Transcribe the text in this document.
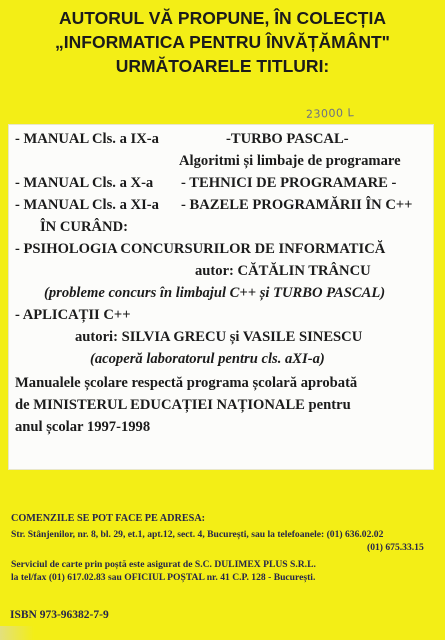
AUTORUL VĂ PROPUNE, ÎN COLECȚIA
„INFORMATICA PENTRU ÎNVĂȚĂMÂNT"
URMĂTOARELE TITLURI:
23000 L
- MANUAL Cls. a IX-a	-TURBO PASCAL-
Algoritmi și limbaje de programare
- MANUAL Cls. a X-a - TEHNICI DE PROGRAMARE -
- MANUAL Cls. a XI-a - BAZELE PROGRAMĂRII ÎN C++
ÎN CURÂND:
- PSIHOLOGIA CONCURSURILOR DE INFORMATICĂ
autor: CĂTĂLIN TRÂNCU
(probleme concurs în limbajul C++ și TURBO PASCAL)
- APLICAȚII C++
autori: SILVIA GRECU și VASILE SINESCU
(acoperă laboratorul pentru cls. aXI-a)
Manualele școlare respectă programa școlară aprobată
de MINISTERUL EDUCAȚIEI NAȚIONALE pentru
anul școlar 1997-1998
COMENZILE SE POT FACE PE ADRESA:
Str. Stânjenilor, nr. 8, bl. 29, et.1, apt.12, sect. 4, București, sau la telefoanele: (01) 636.02.02
(01) 675.33.15
Serviciul de carte prin poștă este asigurat de S.C. DULIMEX PLUS S.R.L.
la tel/fax (01) 617.02.83 sau OFICIUL POȘTAL nr. 41 C.P. 128 - București.
ISBN 973-96382-7-9
